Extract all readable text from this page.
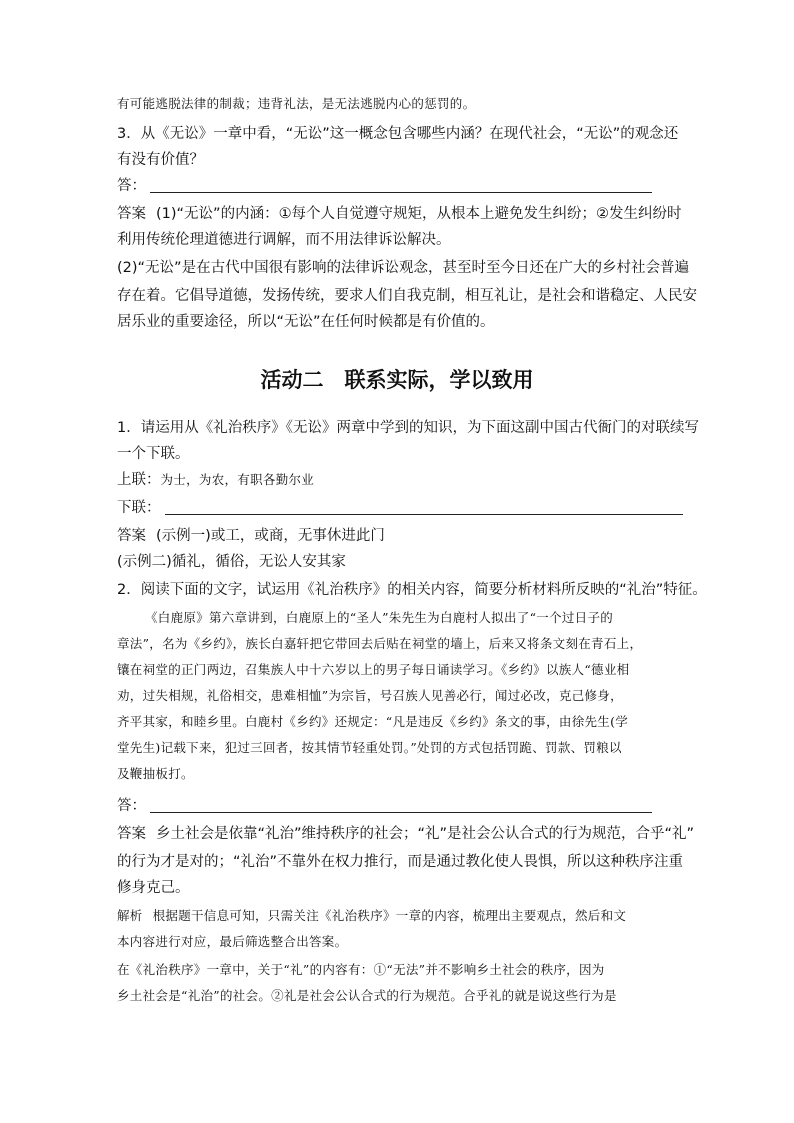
有可能逃脱法律的制裁；违背礼法，是无法逃脱内心的惩罚的。
3．从《无讼》一章中看，“无讼”这一概念包含哪些内涵？在现代社会，“无讼”的观念还
有没有价值？
答：
答案 (1)“无讼”的内涵：①每个人自觉遵守规矩，从根本上避免发生纠纷；②发生纠纷时
利用传统伦理道德进行调解，而不用法律诉讼解决。
(2)“无讼”是在古代中国很有影响的法律诉讼观念，甚至时至今日还在广大的乡村社会普遍
存在着。它倡导道德，发扬传统，要求人们自我克制，相互礼让，是社会和谐稳定、人民安
居乐业的重要途径，所以“无讼”在任何时候都是有价值的。
活动二　联系实际，学以致用
1．请运用从《礼治秩序》《无讼》两章中学到的知识，为下面这副中国古代衙门的对联续写
一个下联。
上联：为士，为农，有职各勤尔业
下联：
答案 (示例一)或工，或商，无事休进此门
(示例二)循礼，循俗，无讼人安其家
2．阅读下面的文字，试运用《礼治秩序》的相关内容，简要分析材料所反映的“礼治”特征。
《白鹿原》第六章讲到，白鹿原上的“圣人”朱先生为白鹿村人拟出了“一个过日子的
章法”，名为《乡约》，族长白嘉轩把它带回去后贴在祠堂的墙上，后来又将条文刻在青石上，
镶在祠堂的正门两边，召集族人中十六岁以上的男子每日诵读学习。《乡约》以族人“德业相
劝，过失相规，礼俗相交，患难相恤”为宗旨，号召族人见善必行，闻过必改，克己修身，
齐平其家，和睦乡里。白鹿村《乡约》还规定：“凡是违反《乡约》条文的事，由徐先生(学
堂先生)记载下来，犯过三回者，按其情节轻重处罚。”处罚的方式包括罚跪、罚款、罚粮以
及鞭抽板打。
答：
答案 乡土社会是依靠“礼治”维持秩序的社会；“礼”是社会公认合式的行为规范，合乎“礼”
的行为才是对的；“礼治”不靠外在权力推行，而是通过教化使人畏惧，所以这种秩序注重
修身克己。
解析 根据题干信息可知，只需关注《礼治秩序》一章的内容，梳理出主要观点，然后和文
本内容进行对应，最后筛选整合出答案。
在《礼治秩序》一章中，关于“礼”的内容有：①“无法”并不影响乡土社会的秩序，因为
乡土社会是“礼治”的社会。②礼是社会公认合式的行为规范。合乎礼的就是说这些行为是
